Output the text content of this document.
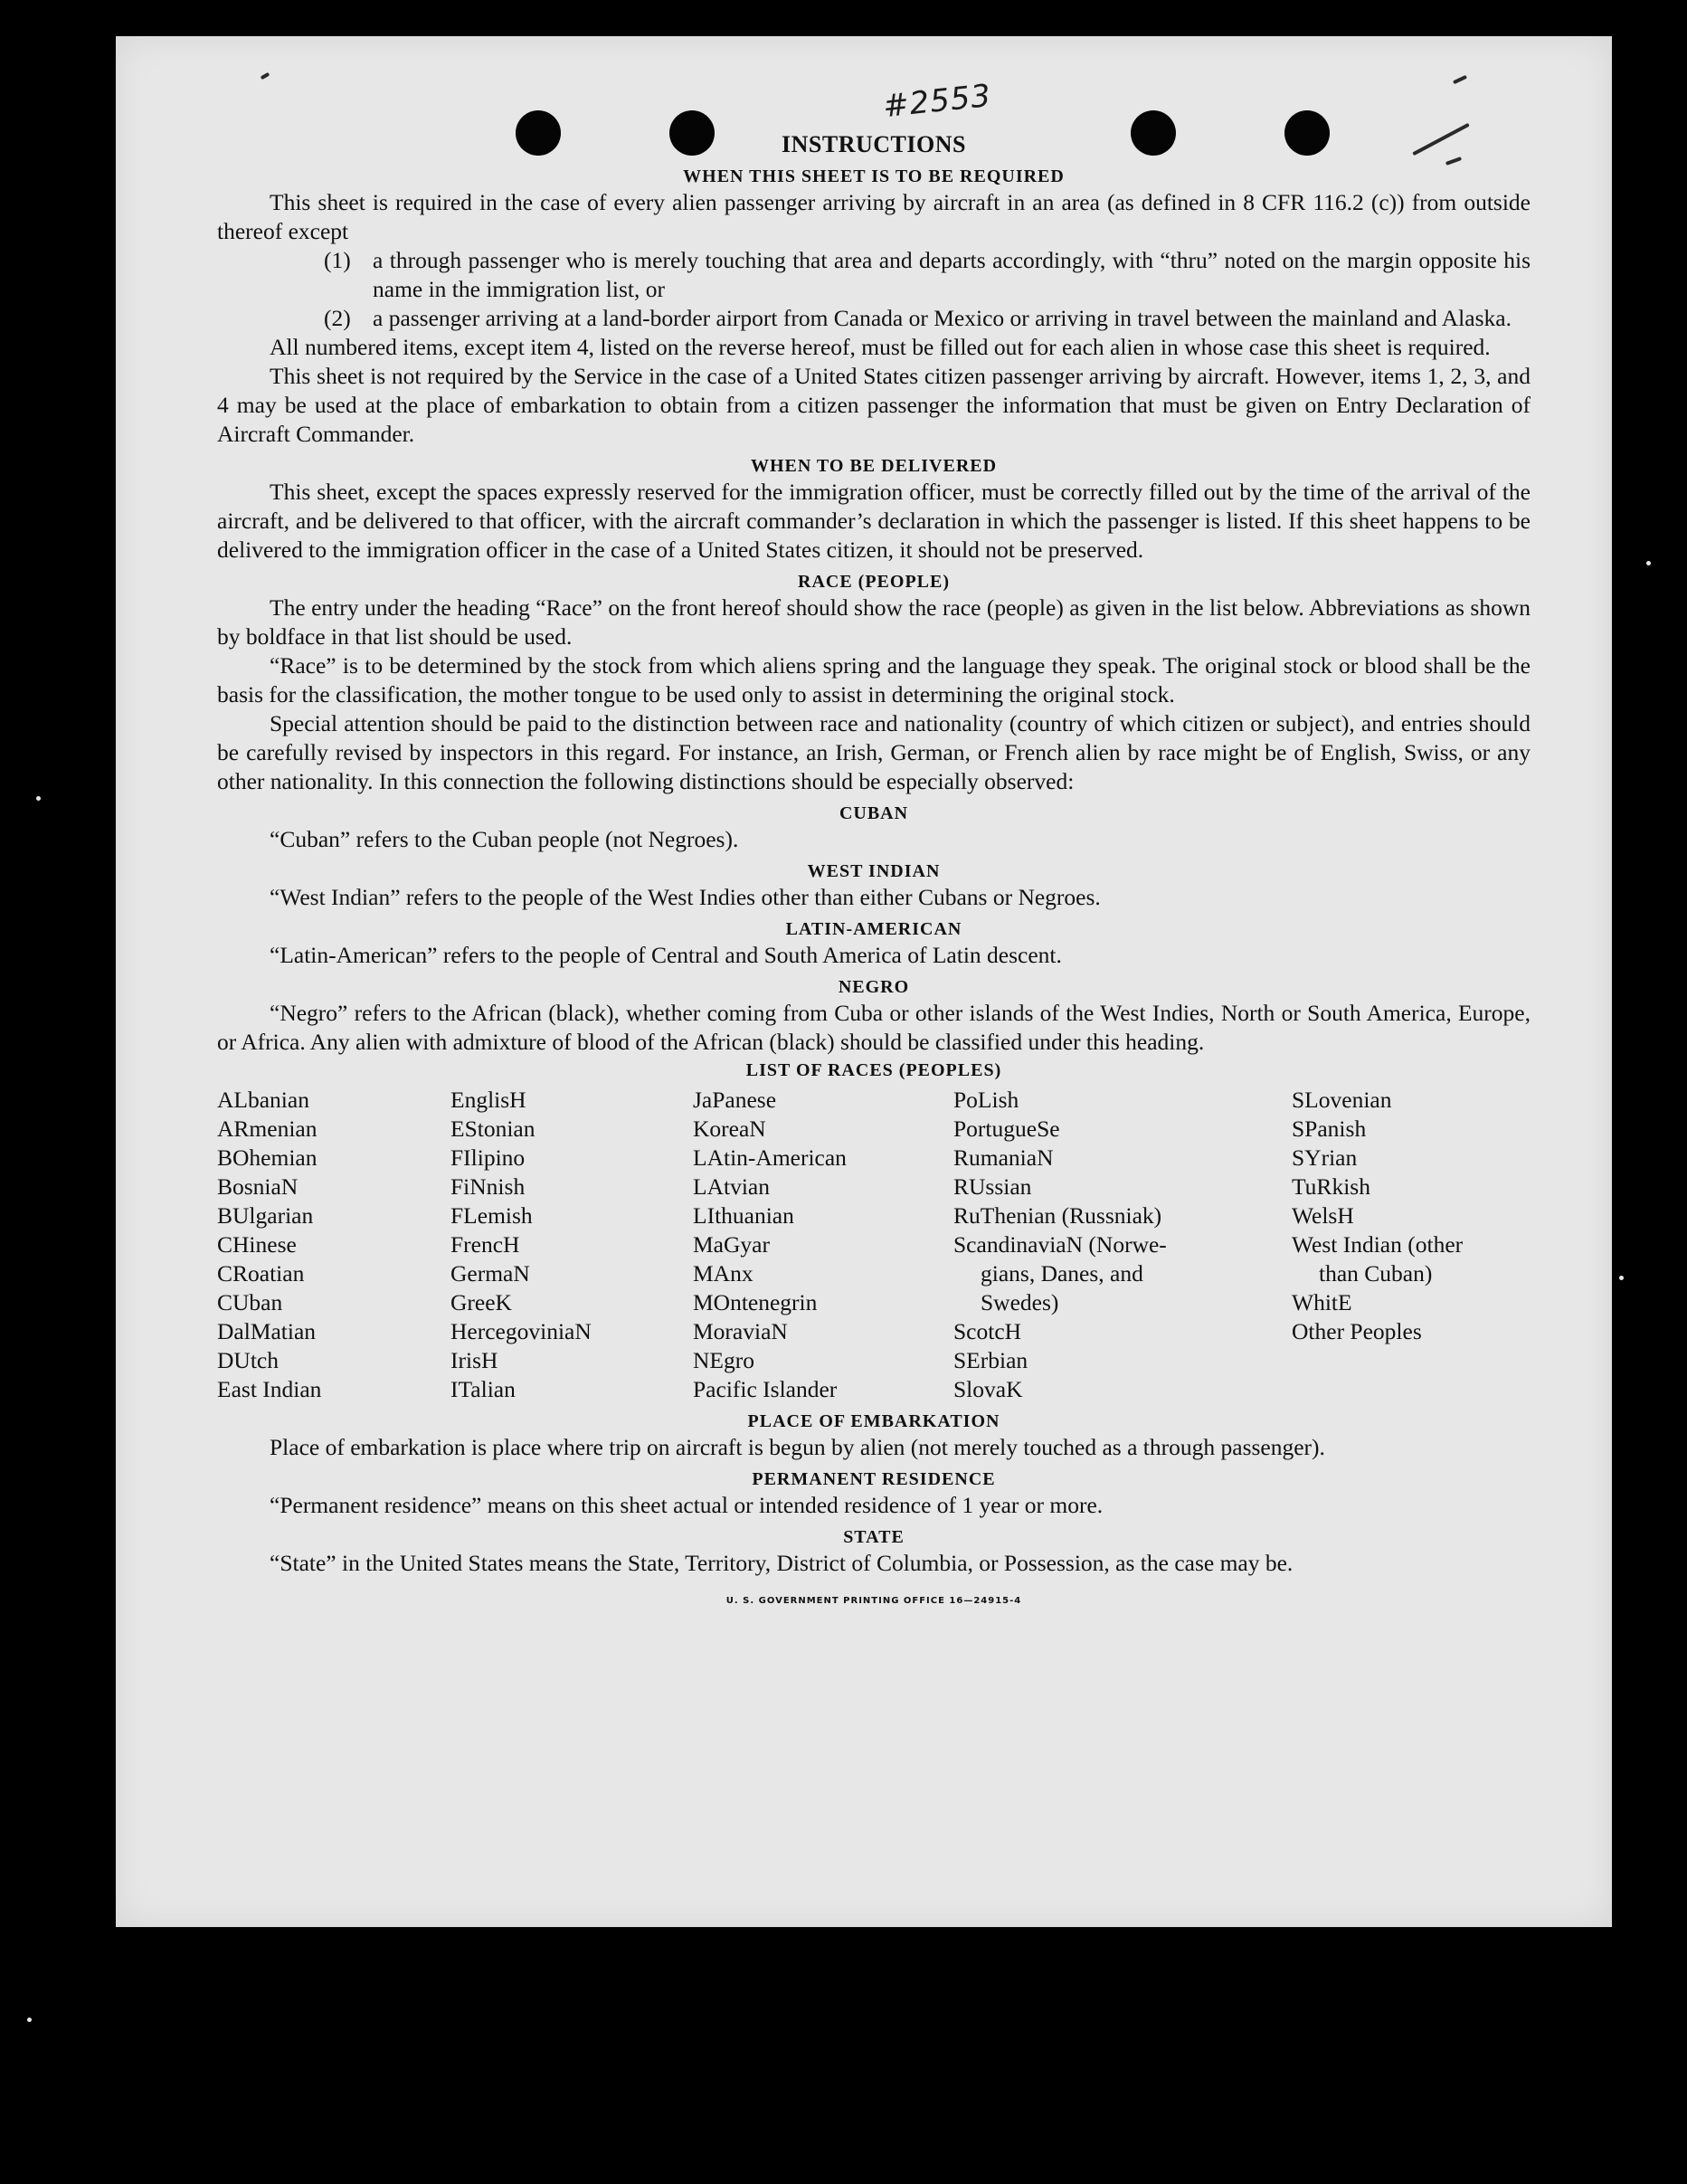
#2553
INSTRUCTIONS
WHEN THIS SHEET IS TO BE REQUIRED

This sheet is required in the case of every alien passenger arriving by aircraft in an area (as defined in 8 CFR 116.2 (c)) from outside thereof except

(1) a through passenger who is merely touching that area and departs accordingly, with “thru” noted on the margin opposite his name in the immigration list, or
(2) a passenger arriving at a land-border airport from Canada or Mexico or arriving in travel between the mainland and Alaska.

All numbered items, except item 4, listed on the reverse hereof, must be filled out for each alien in whose case this sheet is required.

This sheet is not required by the Service in the case of a United States citizen passenger arriving by aircraft. However, items 1, 2, 3, and 4 may be used at the place of embarkation to obtain from a citizen passenger the information that must be given on Entry Declaration of Aircraft Commander.

WHEN TO BE DELIVERED

This sheet, except the spaces expressly reserved for the immigration officer, must be correctly filled out by the time of the arrival of the aircraft, and be delivered to that officer, with the aircraft commander’s declaration in which the passenger is listed. If this sheet happens to be delivered to the immigration officer in the case of a United States citizen, it should not be preserved.

RACE (PEOPLE)

The entry under the heading “Race” on the front hereof should show the race (people) as given in the list below. Abbreviations as shown by boldface in that list should be used.

“Race” is to be determined by the stock from which aliens spring and the language they speak. The original stock or blood shall be the basis for the classification, the mother tongue to be used only to assist in determining the original stock.

Special attention should be paid to the distinction between race and nationality (country of which citizen or subject), and entries should be carefully revised by inspectors in this regard. For instance, an Irish, German, or French alien by race might be of English, Swiss, or any other nationality. In this connection the following distinctions should be especially observed:

CUBAN

“Cuban” refers to the Cuban people (not Negroes).

WEST INDIAN

“West Indian” refers to the people of the West Indies other than either Cubans or Negroes.

LATIN-AMERICAN

“Latin-American” refers to the people of Central and South America of Latin descent.

NEGRO

“Negro” refers to the African (black), whether coming from Cuba or other islands of the West Indies, North or South America, Europe, or Africa. Any alien with admixture of blood of the African (black) should be classified under this heading.

LIST OF RACES (PEOPLES)
ALbanian
ARmenian
BOhemian
BosniaN
BUlgarian
CHinese
CRoatian
CUban
DalMatian
DUtch
East Indian
EnglisH
EStonian
FIlipino
FiNnish
FLemish
FrencH
GermaN
GreeK
HercegoviniaN
IrisH
ITalian
JaPanese
KoreaN
LAtin-American
LAtvian
LIthuanian
MaGyar
MAnx
MOntenegrin
MoraviaN
NEgro
Pacific Islander
PoLish
PortugueSe
RumaniaN
RUssian
RuThenian (Russniak)
ScandinaviaN (Norwe-
gians, Danes, and
Swedes)
ScotcH
SErbian
SlovaK
SLovenian
SPanish
SYrian
TuRkish
WelsH
West Indian (other
than Cuban)
WhitE
Other Peoples
PLACE OF EMBARKATION

Place of embarkation is place where trip on aircraft is begun by alien (not merely touched as a through passenger).

PERMANENT RESIDENCE

“Permanent residence” means on this sheet actual or intended residence of 1 year or more.

STATE

“State” in the United States means the State, Territory, District of Columbia, or Possession, as the case may be.

U. S. GOVERNMENT PRINTING OFFICE 16—24915-4
